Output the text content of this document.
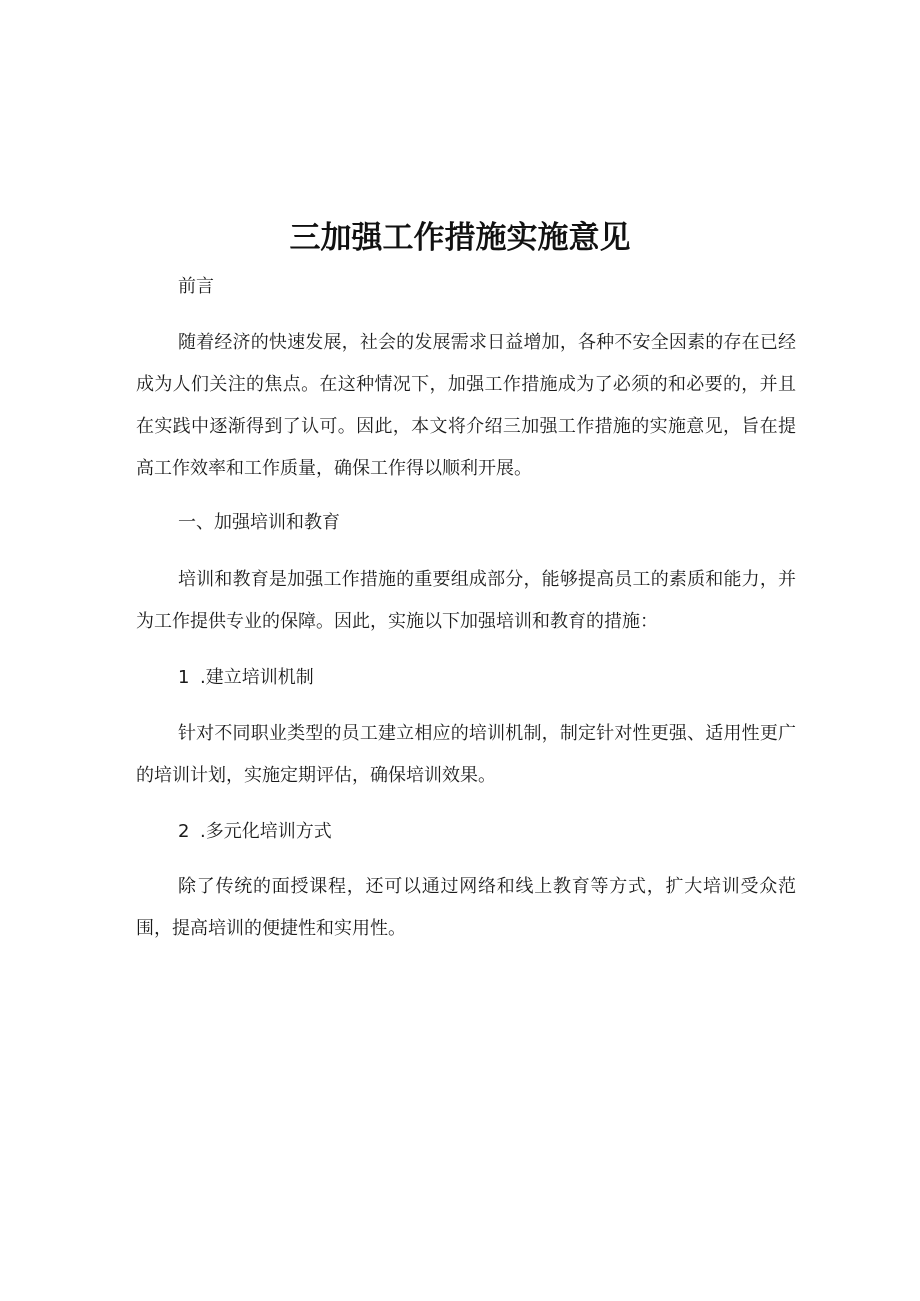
三加强工作措施实施意见
前言
随着经济的快速发展，社会的发展需求日益增加，各种不安全因素的存在已经成为人们关注的焦点。在这种情况下，加强工作措施成为了必须的和必要的，并且在实践中逐渐得到了认可。因此，本文将介绍三加强工作措施的实施意见，旨在提高工作效率和工作质量，确保工作得以顺利开展。
一、加强培训和教育
培训和教育是加强工作措施的重要组成部分，能够提高员工的素质和能力，并为工作提供专业的保障。因此，实施以下加强培训和教育的措施：
1 .建立培训机制
针对不同职业类型的员工建立相应的培训机制，制定针对性更强、适用性更广的培训计划，实施定期评估，确保培训效果。
2 .多元化培训方式
除了传统的面授课程，还可以通过网络和线上教育等方式，扩大培训受众范围，提高培训的便捷性和实用性。
